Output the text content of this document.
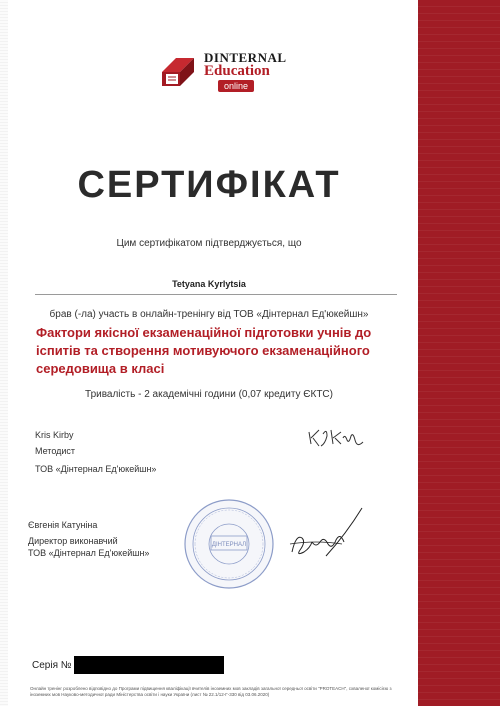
DINTERNAL
Education
online
СЕРТИФІКАТ
Цим сертифікатом підтверджується, що
Tetyana Kyrlytsia
брав (-ла) участь в онлайн-тренінгу від ТОВ «Дінтернал Ед'юкейшн»
Фактори якісної екзаменаційної підготовки учнів до іспитів та створення мотивуючого екзаменаційного середовища в класі
Тривалість - 2 академічні години (0,07 кредиту ЄКТС)
Kris Kirby
Методист
ТОВ «Дінтернал Ед'юкейшн»
Євгенія Катуніна
Директор виконавчий
ТОВ «Дінтернал Ед'юкейшн»
ДІНТЕРНАЛ
Серія №
Онлайн тренінг розроблено відповідно до Програми підвищення кваліфікації вчителів іноземних мов закладів загальної середньої освіти "PROTEACH", схваленої комісією з іноземних мов Науково-методичної ради Міністерства освіти і науки України (лист № 22.1/12-Г-330 від 03.06.2020)
